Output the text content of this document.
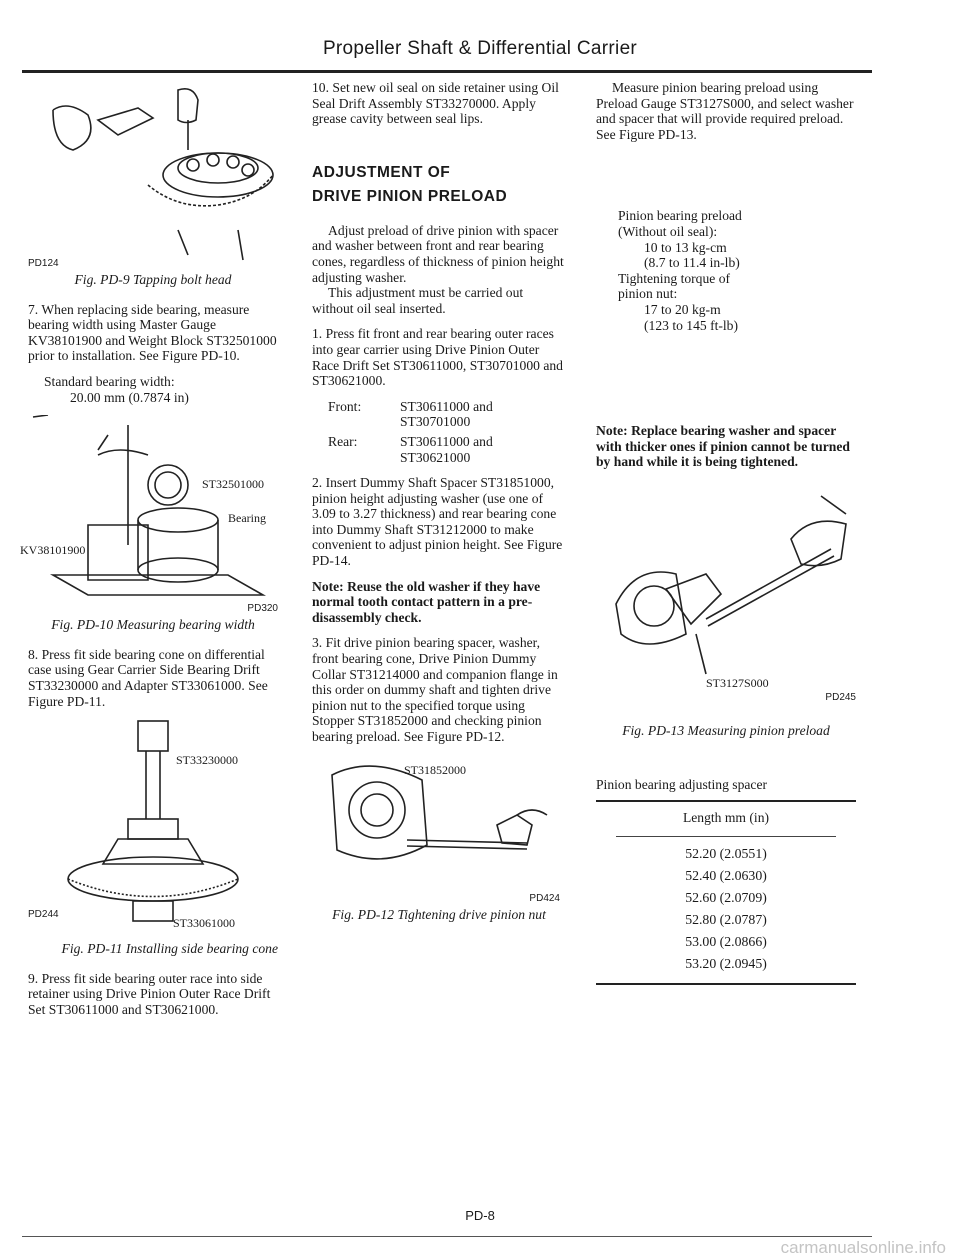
Propeller Shaft & Differential Carrier
PD124
Fig. PD-9 Tapping bolt head

7. When replacing side bearing, measure bearing width using Master Gauge KV38101900 and Weight Block ST32501000 prior to installation. See Figure PD-10.

Standard bearing width:
20.00 mm (0.7874 in)
ST32501000
Bearing
KV38101900
PD320
Fig. PD-10 Measuring bearing width

8. Press fit side bearing cone on differential case using Gear Carrier Side Bearing Drift ST33230000 and Adapter ST33061000. See Figure PD-11.

ST33230000
ST33061000
PD244
Fig. PD-11 Installing side bearing cone

9. Press fit side bearing outer race into side retainer using Drive Pinion Outer Race Drift Set ST30611000 and ST30621000.

10. Set new oil seal on side retainer using Oil Seal Drift Assembly ST33270000. Apply grease cavity between seal lips.

ADJUSTMENT OF
DRIVE PINION PRELOAD

Adjust preload of drive pinion with spacer and washer between front and rear bearing cones, regardless of thickness of pinion height adjusting washer.

This adjustment must be carried out without oil seal inserted.

1. Press fit front and rear bearing outer races into gear carrier using Drive Pinion Outer Race Drift Set ST30611000, ST30701000 and ST30621000.

Front:	ST30611000 and
ST30701000
Rear:	ST30611000 and
ST30621000

2. Insert Dummy Shaft Spacer ST31851000, pinion height adjusting washer (use one of 3.09 to 3.27 thickness) and rear bearing cone into Dummy Shaft ST31212000 to make convenient to adjust pinion height. See Figure PD-14.

Note: Reuse the old washer if they have normal tooth contact pattern in a pre-disassembly check.

3. Fit drive pinion bearing spacer, washer, front bearing cone, Drive Pinion Dummy Collar ST31214000 and companion flange in this order on dummy shaft and tighten drive pinion nut to the specified torque using Stopper ST31852000 and checking pinion bearing preload. See Figure PD-12.

ST31852000
PD424
Fig. PD-12 Tightening drive pinion nut

Measure pinion bearing preload using Preload Gauge ST3127S000, and select washer and spacer that will provide required preload. See Figure PD-13.

Pinion bearing preload
(Without oil seal):
10 to 13 kg-cm
(8.7 to 11.4 in-lb)
Tightening torque of
pinion nut:
17 to 20 kg-m
(123 to 145 ft-lb)

Note: Replace bearing washer and spacer with thicker ones if pinion cannot be turned by hand while it is being tightened.

ST3127S000
PD245
Fig. PD-13 Measuring pinion preload
Pinion bearing adjusting spacer
Length mm (in)
52.20 (2.0551)
52.40 (2.0630)
52.60 (2.0709)
52.80 (2.0787)
53.00 (2.0866)
53.20 (2.0945)
PD-8
carmanualsonline.info
